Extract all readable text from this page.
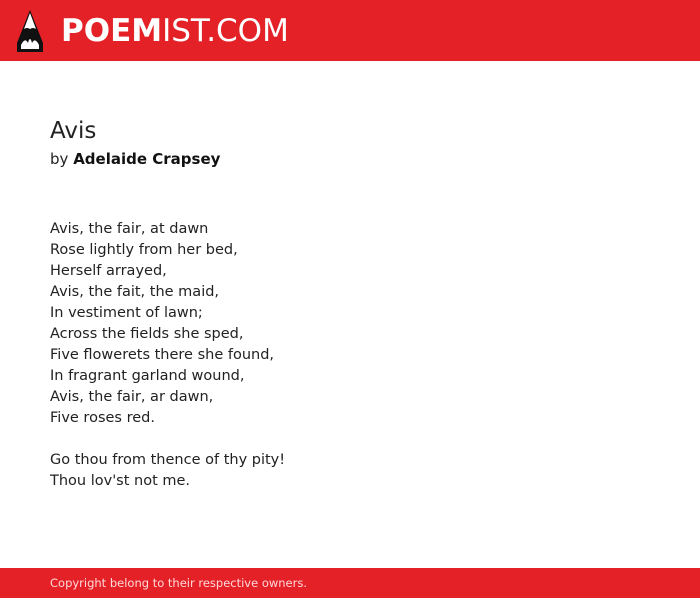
POEMIST.COM
Avis
by Adelaide Crapsey
Avis, the fair, at dawn
Rose lightly from her bed,
Herself arrayed,
Avis, the fait, the maid,
In vestiment of lawn;
Across the fields she sped,
Five flowerets there she found,
In fragrant garland wound,
Avis, the fair, ar dawn,
Five roses red.
Go thou from thence of thy pity!
Thou lov'st not me.
Copyright belong to their respective owners.
